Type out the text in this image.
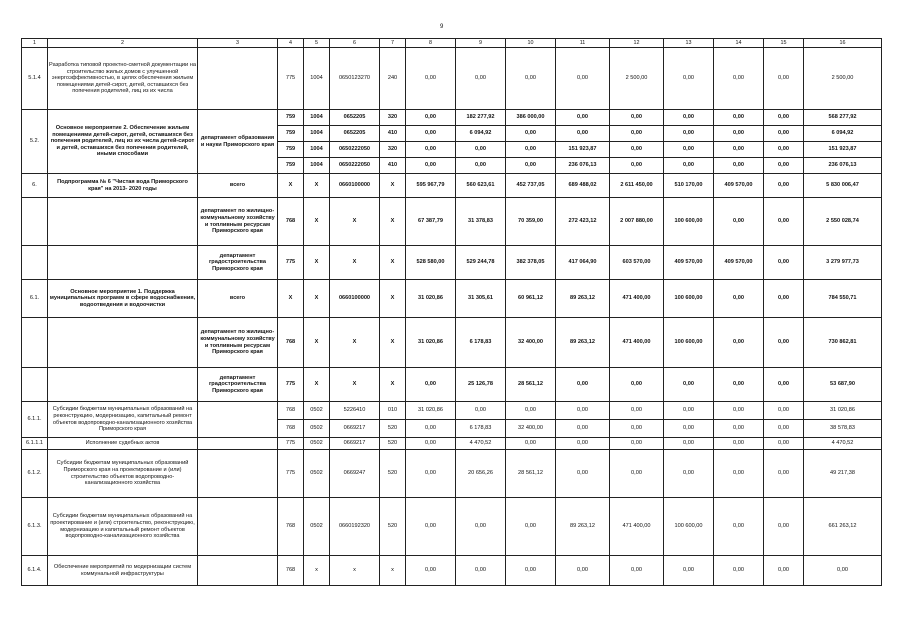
9
1	2	3	4	5	6	7	8	9	10	11	12	13	14	15	16
5.1.4	Разработка типовой проектно-сметной документации на строительство жилых домов с улучшенной энергоэффективностью, в целях обеспечения жильем помещениями детей-сирот, детей, оставшихся без попечения родителей, лиц из их числа		775	1004	0650123270	240	0,00	0,00	0,00	0,00	2 500,00	0,00	0,00	0,00	2 500,00
5.2.	Основное мероприятие 2. Обеспечение жильем помещениями детей-сирот, детей, оставшихся без попечения родителей, лиц из их числа детей-сирот и детей, оставшихся без попечения родителей, иными способами	департамент образования и науки Приморского края	759	1004	0652205	320	0,00	182 277,92	386 000,00	0,00	0,00	0,00	0,00	0,00	568 277,92
			759	1004	0652205	410	0,00	6 094,92	0,00	0,00	0,00	0,00	0,00	0,00	6 094,92
			759	1004	0650222050	320	0,00	0,00	0,00	151 923,87	0,00	0,00	0,00	0,00	151 923,87
			759	1004	0650222050	410	0,00	0,00	0,00	236 076,13	0,00	0,00	0,00	0,00	236 076,13
6.	Подпрограмма № 6 "Чистая вода Приморского края" на 2013- 2020 годы	всего	Х	Х	0660100000	Х	595 967,79	560 623,61	452 737,05	689 488,02	2 611 450,00	510 170,00	409 570,00	0,00	5 830 006,47
		департамент по жилищно-коммунальному хозяйству и топливным ресурсам Приморского края	768	Х	Х	Х	67 387,79	31 378,83	70 359,00	272 423,12	2 007 880,00	100 600,00	0,00	0,00	2 550 028,74
		департамент градостроительства Приморского края	775	Х	Х	Х	528 580,00	529 244,78	382 378,05	417 064,90	603 570,00	409 570,00	409 570,00	0,00	3 279 977,73
6.1.	Основное мероприятие 1. Поддержка муниципальных программ в сфере водоснабжения, водоотведения и водоочистки	всего	Х	Х	0660100000	Х	31 020,86	31 305,61	60 961,12	89 263,12	471 400,00	100 600,00	0,00	0,00	784 550,71
		департамент по жилищно-коммунальному хозяйству и топливным ресурсам Приморского края	768	Х	Х	Х	31 020,86	6 178,83	32 400,00	89 263,12	471 400,00	100 600,00	0,00	0,00	730 862,81
		департамент градостроительства Приморского края	775	Х	Х	Х	0,00	25 126,78	28 561,12	0,00	0,00	0,00	0,00	0,00	53 687,90
6.1.1.	Субсидии бюджетам муниципальных образований на реконструкцию, модернизацию, капитальный ремонт объектов водопроводно-канализационного хозяйства Приморского края		768	0502	5226410	010	31 020,86	0,00	0,00	0,00	0,00	0,00	0,00	0,00	31 020,86
			768	0502	0669217	520	0,00	6 178,83	32 400,00	0,00	0,00	0,00	0,00	0,00	38 578,83
6.1.1.1	Исполнение судебных актов		775	0502	0669217	520	0,00	4 470,52	0,00	0,00	0,00	0,00	0,00	0,00	4 470,52
6.1.2.	Субсидии бюджетам муниципальных образований Приморского края на проектирование и (или) строительство объектов водопроводно-канализационного хозяйства		775	0502	0669247	520	0,00	20 656,26	28 561,12	0,00	0,00	0,00	0,00	0,00	49 217,38
6.1.3.	Субсидии бюджетам муниципальных образований на проектирование и (или) строительство, реконструкцию, модернизацию и капитальный ремонт объектов водопроводно-канализационного хозяйства		768	0502	0660192320	520	0,00	0,00	0,00	89 263,12	471 400,00	100 600,00	0,00	0,00	661 263,12
6.1.4.	Обеспечение мероприятий по модернизации систем коммунальной инфраструктуры		768	х	х	х	0,00	0,00	0,00	0,00	0,00	0,00	0,00	0,00	0,00
